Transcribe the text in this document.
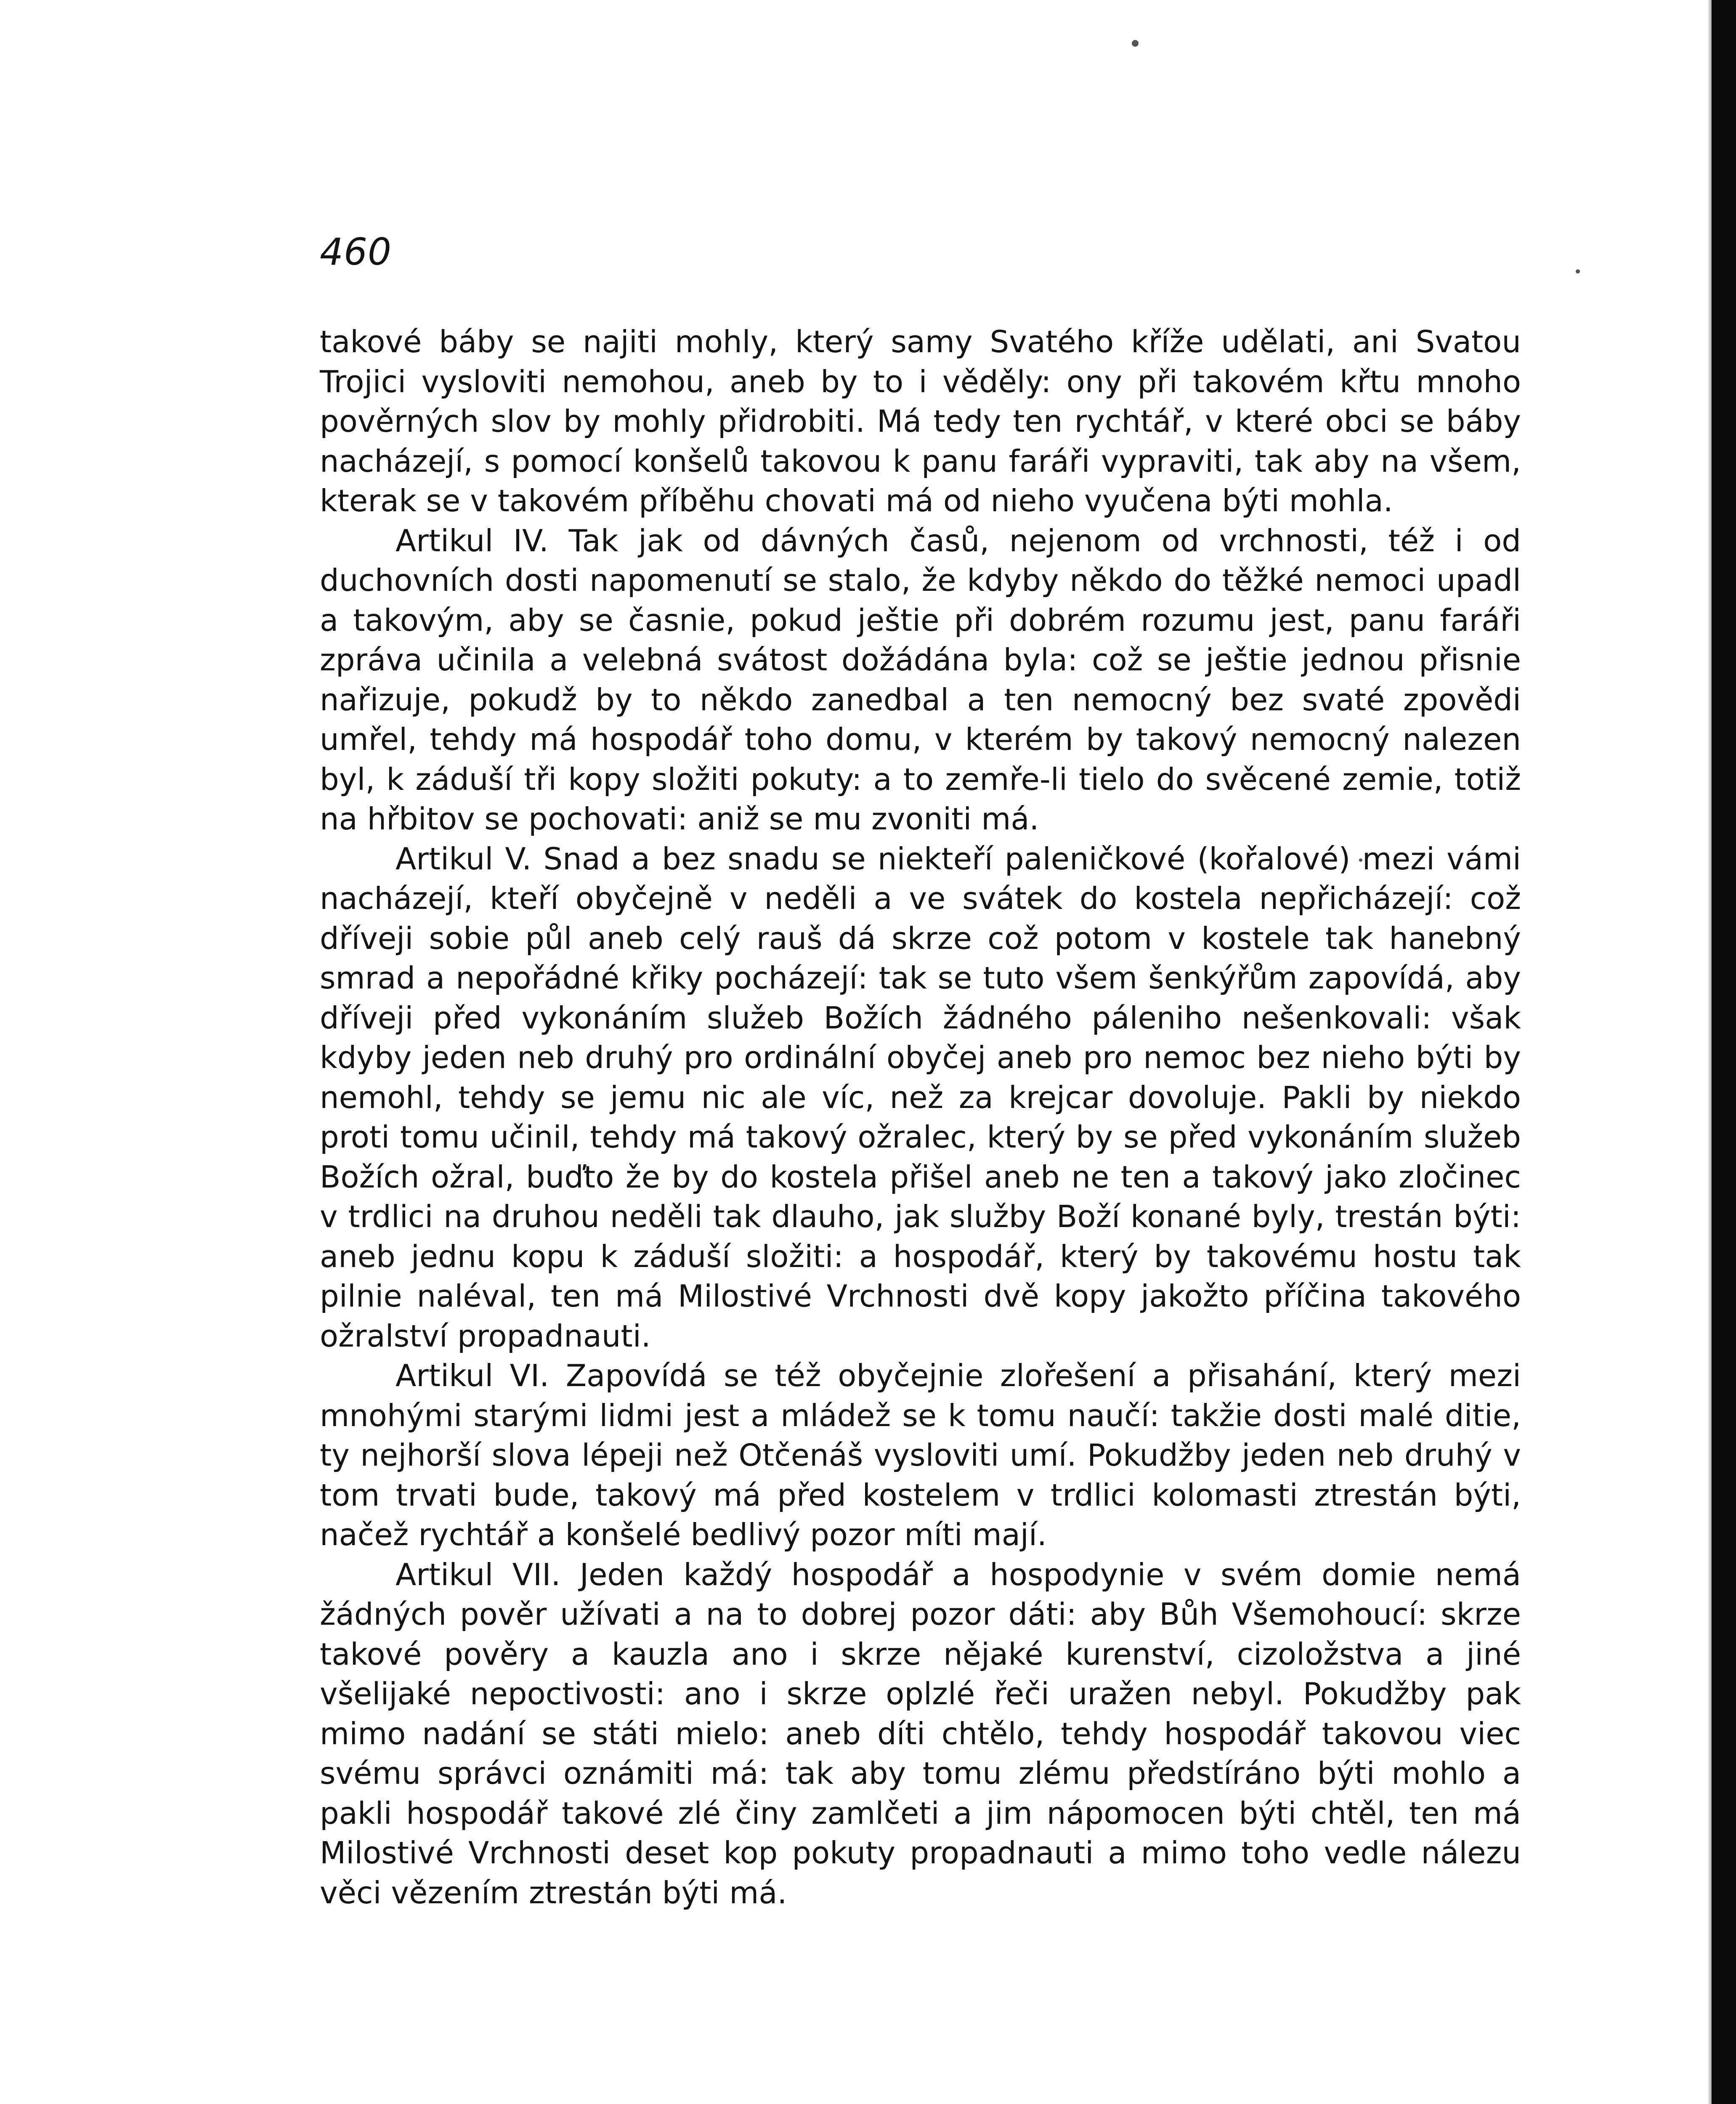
460

takové báby se najiti mohly, který samy Svatého kříže udělati, ani Svatou Trojici vysloviti nemohou, aneb by to i věděly: ony při takovém křtu mnoho pověrných slov by mohly přidrobiti. Má tedy ten rychtář, v které obci se báby nacházejí, s pomocí konšelů takovou k panu faráři vypraviti, tak aby na všem, kterak se v takovém příběhu chovati má od nieho vyučena býti mohla.

Artikul IV. Tak jak od dávných časů, nejenom od vrchnosti, též i od duchovních dosti napomenutí se stalo, že kdyby někdo do těžké nemoci upadl a takovým, aby se časnie, pokud ještie při dobrém rozumu jest, panu faráři zpráva učinila a velebná svátost dožádána byla: což se ještie jednou přisnie nařizuje, pokudž by to někdo zanedbal a ten nemocný bez svaté zpovědi umřel, tehdy má hospodář toho domu, v kterém by takový nemocný nalezen byl, k záduší tři kopy složiti pokuty: a to zemře-li tielo do svěcené zemie, totiž na hřbitov se pochovati: aniž se mu zvoniti má.

Artikul V. Snad a bez snadu se niekteří paleničkové (kořalové) mezi vámi nacházejí, kteří obyčejně v neděli a ve svátek do kostela nepřicházejí: což dříveji sobie půl aneb celý rauš dá skrze což potom v kostele tak hanebný smrad a nepořádné křiky pocházejí: tak se tuto všem šenkýřům zapovídá, aby dříveji před vykonáním služeb Božích žádného páleniho nešenkovali: však kdyby jeden neb druhý pro ordinální obyčej aneb pro nemoc bez nieho býti by nemohl, tehdy se jemu nic ale víc, než za krejcar dovoluje. Pakli by niekdo proti tomu učinil, tehdy má takový ožralec, který by se před vykonáním služeb Božích ožral, buďto že by do kostela přišel aneb ne ten a takový jako zločinec v trdlici na druhou neděli tak dlauho, jak služby Boží konané byly, trestán býti: aneb jednu kopu k záduší složiti: a hospodář, který by takovému hostu tak pilnie naléval, ten má Milostivé Vrchnosti dvě kopy jakožto příčina takového ožralství propadnauti.

Artikul VI. Zapovídá se též obyčejnie zlořešení a přisahání, který mezi mnohými starými lidmi jest a mládež se k tomu naučí: takžie dosti malé ditie, ty nejhorší slova lépeji než Otčenáš vysloviti umí. Pokudžby jeden neb druhý v tom trvati bude, takový má před kostelem v trdlici kolomasti ztrestán býti, načež rychtář a konšelé bedlivý pozor míti mají.

Artikul VII. Jeden každý hospodář a hospodynie v svém domie nemá žádných pověr užívati a na to dobrej pozor dáti: aby Bůh Všemohoucí: skrze takové pověry a kauzla ano i skrze nějaké kurenství, cizoložstva a jiné všelijaké nepoctivosti: ano i skrze oplzlé řeči uražen nebyl. Pokudžby pak mimo nadání se státi mielo: aneb díti chtělo, tehdy hospodář takovou viec svému správci oznámiti má: tak aby tomu zlému předstíráno býti mohlo a pakli hospodář takové zlé činy zamlčeti a jim nápomocen býti chtěl, ten má Milostivé Vrchnosti deset kop pokuty propadnauti a mimo toho vedle nálezu věci vězením ztrestán býti má.
